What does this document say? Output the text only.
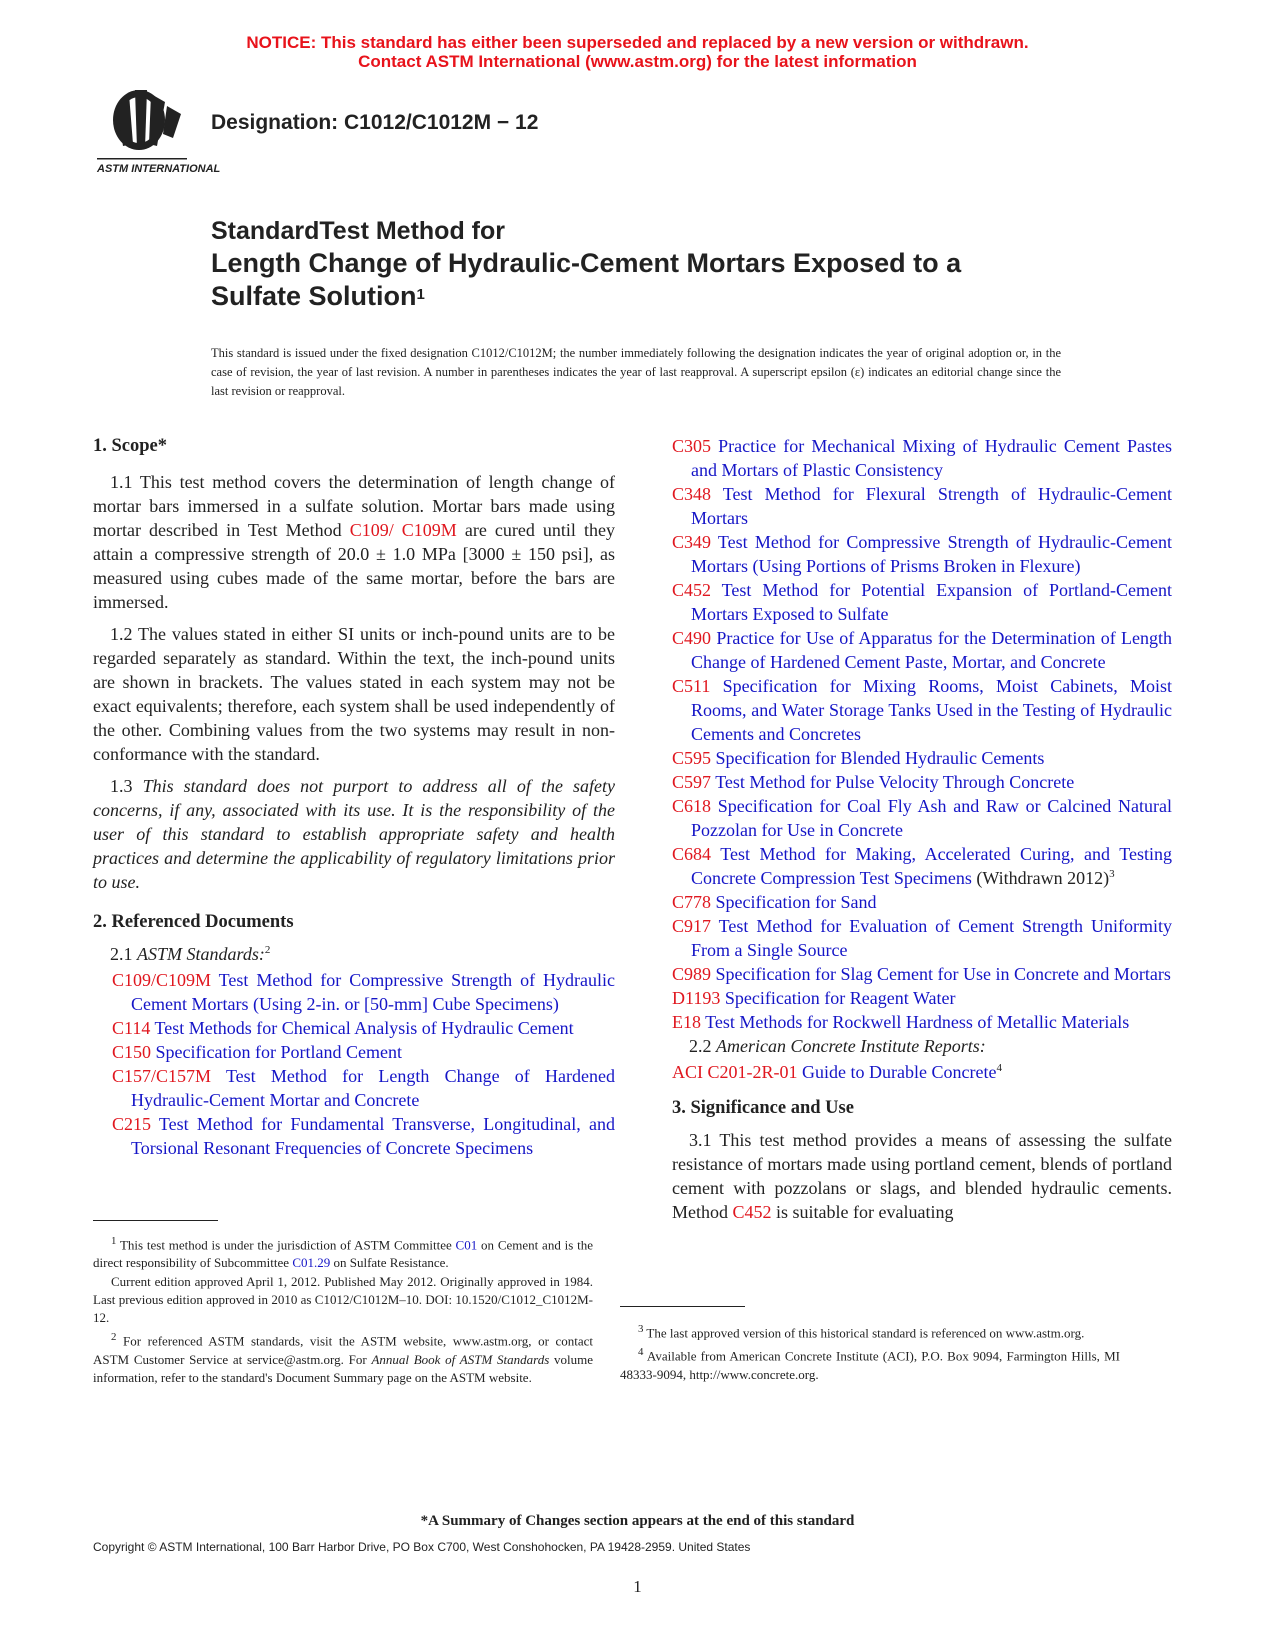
NOTICE: This standard has either been superseded and replaced by a new version or withdrawn.
Contact ASTM International (www.astm.org) for the latest information
ASTM INTERNATIONAL
Designation: C1012/C1012M − 12
StandardTest Method for
Length Change of Hydraulic-Cement Mortars Exposed to a
Sulfate Solution$^1$
This standard is issued under the fixed designation C1012/C1012M; the number immediately following the designation indicates the year of original adoption or, in the case of revision, the year of last revision. A number in parentheses indicates the year of last reapproval. A superscript epsilon (ε) indicates an editorial change since the last revision or reapproval.
1. Scope*

1.1 This test method covers the determination of length change of mortar bars immersed in a sulfate solution. Mortar bars made using mortar described in Test Method C109/ C109M are cured until they attain a compressive strength of 20.0 ± 1.0 MPa [3000 ± 150 psi], as measured using cubes made of the same mortar, before the bars are immersed.

1.2 The values stated in either SI units or inch-pound units are to be regarded separately as standard. Within the text, the inch-pound units are shown in brackets. The values stated in each system may not be exact equivalents; therefore, each system shall be used independently of the other. Combining values from the two systems may result in non-conformance with the standard.

1.3 This standard does not purport to address all of the safety concerns, if any, associated with its use. It is the responsibility of the user of this standard to establish appropriate safety and health practices and determine the applicability of regulatory limitations prior to use.

2. Referenced Documents

2.1 ASTM Standards:$^2$

C109/C109M Test Method for Compressive Strength of Hydraulic Cement Mortars (Using 2-in. or [50-mm] Cube Specimens)
C114 Test Methods for Chemical Analysis of Hydraulic Cement
C150 Specification for Portland Cement
C157/C157M Test Method for Length Change of Hardened Hydraulic-Cement Mortar and Concrete
C215 Test Method for Fundamental Transverse, Longitudinal, and Torsional Resonant Frequencies of Concrete Specimens
C305 Practice for Mechanical Mixing of Hydraulic Cement Pastes and Mortars of Plastic Consistency
C348 Test Method for Flexural Strength of Hydraulic-Cement Mortars
C349 Test Method for Compressive Strength of Hydraulic-Cement Mortars (Using Portions of Prisms Broken in Flexure)
C452 Test Method for Potential Expansion of Portland-Cement Mortars Exposed to Sulfate
C490 Practice for Use of Apparatus for the Determination of Length Change of Hardened Cement Paste, Mortar, and Concrete
C511 Specification for Mixing Rooms, Moist Cabinets, Moist Rooms, and Water Storage Tanks Used in the Testing of Hydraulic Cements and Concretes
C595 Specification for Blended Hydraulic Cements
C597 Test Method for Pulse Velocity Through Concrete
C618 Specification for Coal Fly Ash and Raw or Calcined Natural Pozzolan for Use in Concrete
C684 Test Method for Making, Accelerated Curing, and Testing Concrete Compression Test Specimens (Withdrawn 2012)$^3$
C778 Specification for Sand
C917 Test Method for Evaluation of Cement Strength Uniformity From a Single Source
C989 Specification for Slag Cement for Use in Concrete and Mortars
D1193 Specification for Reagent Water
E18 Test Methods for Rockwell Hardness of Metallic Materials

2.2 American Concrete Institute Reports:

ACI C201-2R-01 Guide to Durable Concrete$^4$
3. Significance and Use

3.1 This test method provides a means of assessing the sulfate resistance of mortars made using portland cement, blends of portland cement with pozzolans or slags, and blended hydraulic cements. Method C452 is suitable for evaluating

$^1$ This test method is under the jurisdiction of ASTM Committee C01 on Cement and is the direct responsibility of Subcommittee C01.29 on Sulfate Resistance.

Current edition approved April 1, 2012. Published May 2012. Originally approved in 1984. Last previous edition approved in 2010 as C1012/C1012M–10. DOI: 10.1520/C1012_C1012M-12.

$^2$ For referenced ASTM standards, visit the ASTM website, www.astm.org, or contact ASTM Customer Service at service@astm.org. For Annual Book of ASTM Standards volume information, refer to the standard's Document Summary page on the ASTM website.

$^3$ The last approved version of this historical standard is referenced on www.astm.org.

$^4$ Available from American Concrete Institute (ACI), P.O. Box 9094, Farmington Hills, MI 48333-9094, http://www.concrete.org.

*A Summary of Changes section appears at the end of this standard
Copyright © ASTM International, 100 Barr Harbor Drive, PO Box C700, West Conshohocken, PA 19428-2959. United States
1
